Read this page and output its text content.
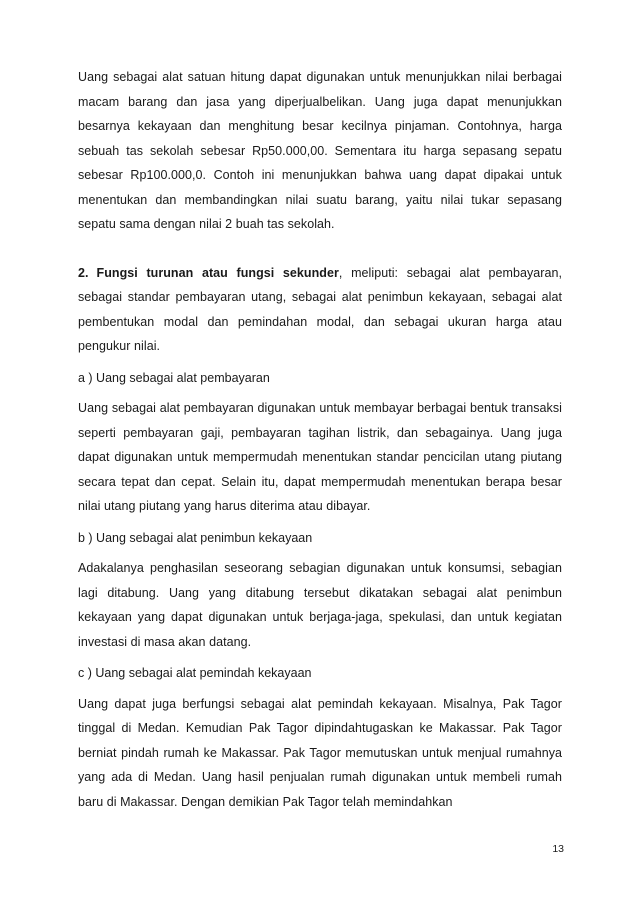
Uang sebagai alat satuan hitung dapat digunakan untuk menunjukkan nilai berbagai macam barang dan jasa yang diperjualbelikan. Uang juga dapat menunjukkan besarnya kekayaan dan menghitung besar kecilnya pinjaman. Contohnya, harga sebuah tas sekolah sebesar Rp50.000,00. Sementara itu harga sepasang sepatu sebesar Rp100.000,0. Contoh ini menunjukkan bahwa uang dapat dipakai untuk menentukan dan membandingkan nilai suatu barang, yaitu nilai tukar sepasang sepatu sama dengan nilai 2 buah tas sekolah.

2. Fungsi turunan atau fungsi sekunder, meliputi: sebagai alat pembayaran, sebagai standar pembayaran utang, sebagai alat penimbun kekayaan, sebagai alat pembentukan modal dan pemindahan modal, dan sebagai ukuran harga atau pengukur nilai.

a ) Uang sebagai alat pembayaran

Uang sebagai alat pembayaran digunakan untuk membayar berbagai bentuk transaksi seperti pembayaran gaji, pembayaran tagihan listrik, dan sebagainya. Uang juga dapat digunakan untuk mempermudah menentukan standar pencicilan utang piutang secara tepat dan cepat. Selain itu, dapat mempermudah menentukan berapa besar nilai utang piutang yang harus diterima atau dibayar.

b ) Uang sebagai alat penimbun kekayaan

Adakalanya penghasilan seseorang sebagian digunakan untuk konsumsi, sebagian lagi ditabung. Uang yang ditabung tersebut dikatakan sebagai alat penimbun kekayaan yang dapat digunakan untuk berjaga-jaga, spekulasi, dan untuk kegiatan investasi di masa akan datang.

c ) Uang sebagai alat pemindah kekayaan

Uang dapat juga berfungsi sebagai alat pemindah kekayaan. Misalnya, Pak Tagor tinggal di Medan. Kemudian Pak Tagor dipindahtugaskan ke Makassar. Pak Tagor berniat pindah rumah ke Makassar. Pak Tagor memutuskan untuk menjual rumahnya yang ada di Medan. Uang hasil penjualan rumah digunakan untuk membeli rumah baru di Makassar. Dengan demikian Pak Tagor telah memindahkan

13
